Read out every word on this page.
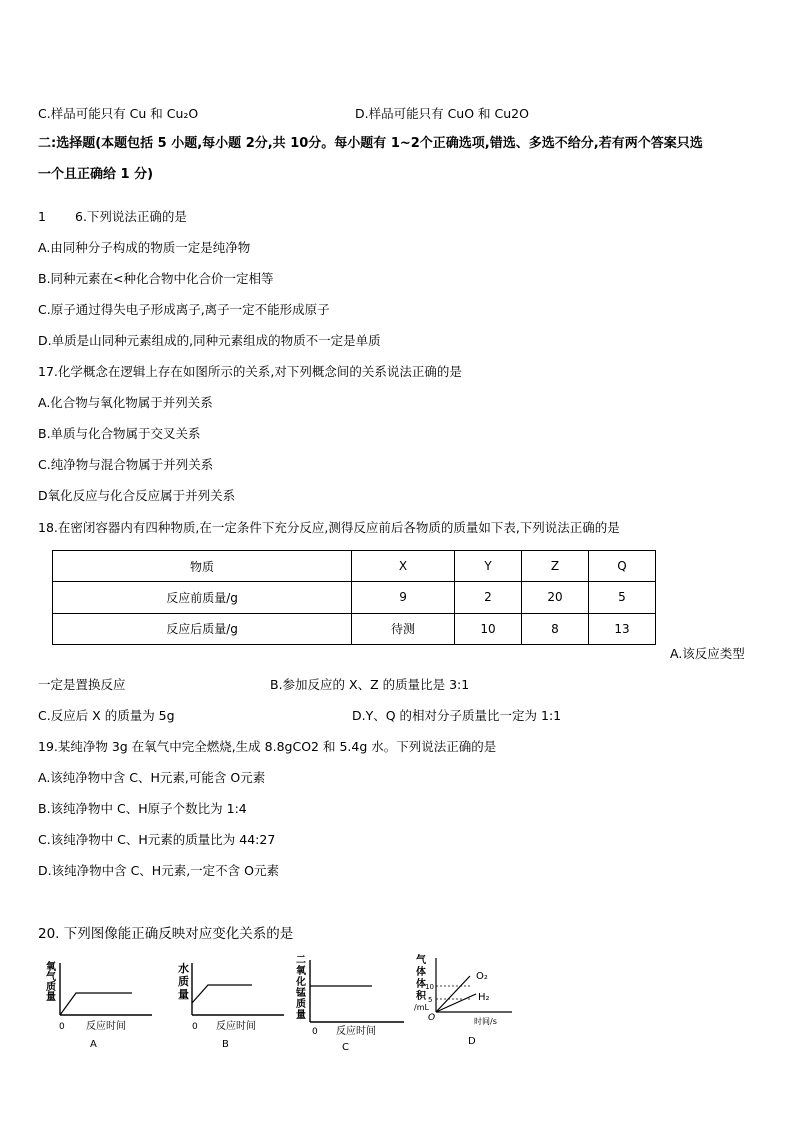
C.样品可能只有 Cu 和 Cu₂O	D.样品可能只有 CuO 和 Cu2O
二:选择题(本题包括 5 小题,每小题 2分,共 10分。每小题有 1~2个正确选项,错选、多选不给分,若有两个答案只选
一个且正确给 1 分)
1 6.下列说法正确的是
A.由同种分子构成的物质一定是纯净物
B.同种元素在<种化合物中化合价一定相等
C.原子通过得失电子形成离子,离子一定不能形成原子
D.单质是山同种元素组成的,同种元素组成的物质不一定是单质
17.化学概念在逻辑上存在如图所示的关系,对下列概念间的关系说法正确的是
A.化合物与氧化物属于并列关系
B.单质与化合物属于交叉关系
C.纯净物与混合物属于并列关系
D氧化反应与化合反应属于并列关系
18.在密闭容器内有四种物质,在一定条件下充分反应,测得反应前后各物质的质量如下表,下列说法正确的是
物质	X	Y	Z	Q
反应前质量/g	9	2	20	5
反应后质量/g	待测	10	8	13
A.该反应类型
一定是置换反应	B.参加反应的 X、Z 的质量比是 3:1
C.反应后 X 的质量为 5g	D.Y、Q 的相对分子质量比一定为 1:1
19.某纯净物 3g 在氧气中完全燃烧,生成 8.8gCO2 和 5.4g 水。下列说法正确的是
A.该纯净物中含 C、H元素,可能含 O元素
B.该纯净物中 C、H原子个数比为 1:4
C.该纯净物中 C、H元素的质量比为 44:27
D.该纯净物中含 C、H元素,一定不含 O元素
20. 下列图像能正确反映对应变化关系的是
氧
气
质
量
0 反应时间
A
水
质
量
0 反应时间
B
二
氧
化
锰
质
量
0 反应时间
C
气
体
体
积
/mL
10
5
O₂
H₂
O	时间/s
D
